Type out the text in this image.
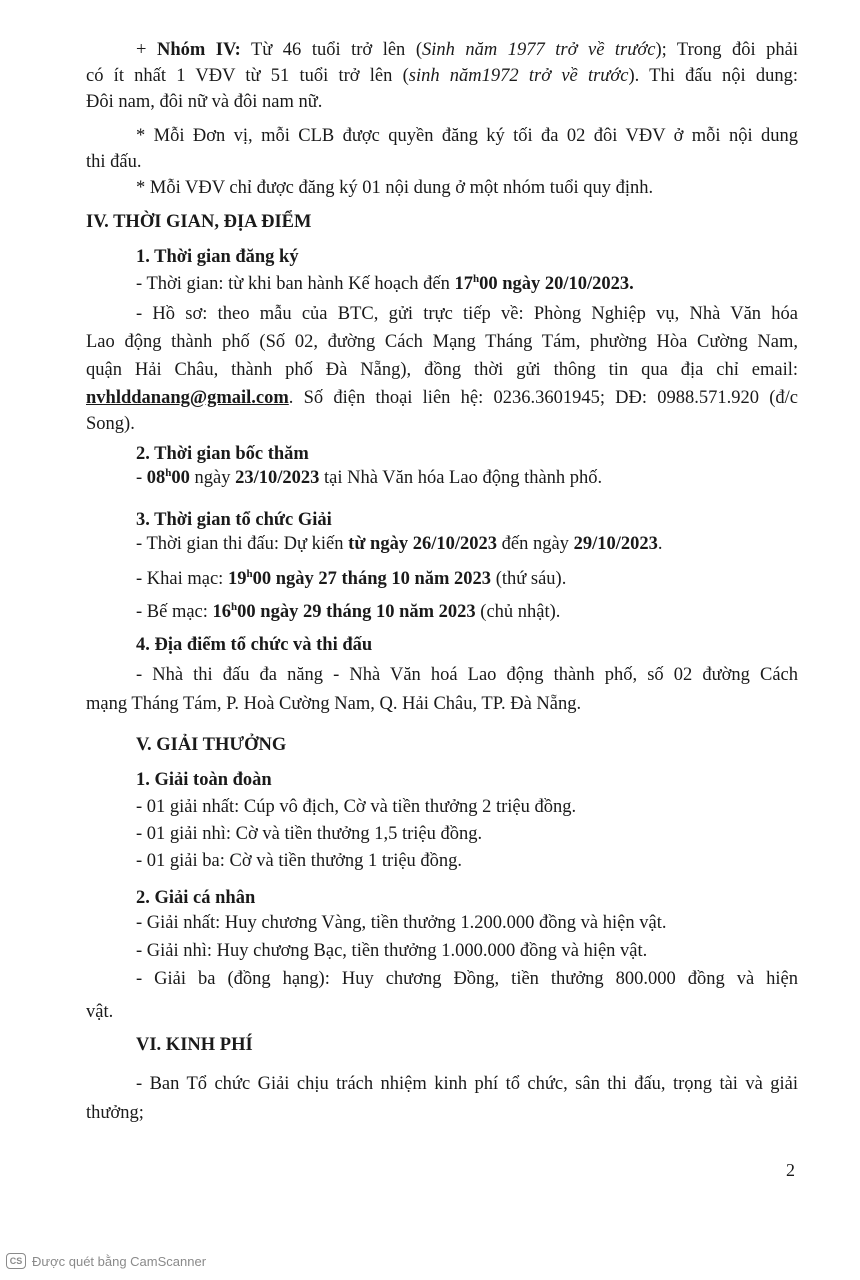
+ Nhóm IV: Từ 46 tuổi trở lên (Sinh năm 1977 trở về trước); Trong đôi phải
có ít nhất 1 VĐV từ 51 tuổi trở lên (sinh năm1972 trở về trước). Thi đấu nội dung:
Đôi nam, đôi nữ và đôi nam nữ.
* Mỗi Đơn vị, mỗi CLB được quyền đăng ký tối đa 02 đôi VĐV ở mỗi nội dung
thi đấu.
* Mỗi VĐV chỉ được đăng ký 01 nội dung ở một nhóm tuổi quy định.
IV. THỜI GIAN, ĐỊA ĐIỂM
1. Thời gian đăng ký
- Thời gian: từ khi ban hành Kế hoạch đến 17$^h$00 ngày 20/10/2023.
- Hồ sơ: theo mẫu của BTC, gửi trực tiếp về: Phòng Nghiệp vụ, Nhà Văn hóa
Lao động thành phố (Số 02, đường Cách Mạng Tháng Tám, phường Hòa Cường Nam,
quận Hải Châu, thành phố Đà Nẵng), đồng thời gửi thông tin qua địa chỉ email:
nvhlddanang@gmail.com. Số điện thoại liên hệ: 0236.3601945; DĐ: 0988.571.920 (đ/c
Song).
2. Thời gian bốc thăm
- 08$^h$00 ngày 23/10/2023 tại Nhà Văn hóa Lao động thành phố.
3. Thời gian tổ chức Giải
- Thời gian thi đấu: Dự kiến từ ngày 26/10/2023 đến ngày 29/10/2023.
- Khai mạc: 19$^h$00 ngày 27 tháng 10 năm 2023 (thứ sáu).
- Bế mạc: 16$^h$00 ngày 29 tháng 10 năm 2023 (chủ nhật).
4. Địa điểm tổ chức và thi đấu
- Nhà thi đấu đa năng - Nhà Văn hoá Lao động thành phố, số 02 đường Cách
mạng Tháng Tám, P. Hoà Cường Nam, Q. Hải Châu, TP. Đà Nẵng.
V. GIẢI THƯỞNG
1. Giải toàn đoàn
- 01 giải nhất: Cúp vô địch, Cờ và tiền thưởng 2 triệu đồng.
- 01 giải nhì: Cờ và tiền thưởng 1,5 triệu đồng.
- 01 giải ba: Cờ và tiền thưởng 1 triệu đồng.
2. Giải cá nhân
- Giải nhất: Huy chương Vàng, tiền thưởng 1.200.000 đồng và hiện vật.
- Giải nhì: Huy chương Bạc, tiền thưởng 1.000.000 đồng và hiện vật.
- Giải ba (đồng hạng): Huy chương Đồng, tiền thưởng 800.000 đồng và hiện
vật.
VI. KINH PHÍ
- Ban Tổ chức Giải chịu trách nhiệm kinh phí tổ chức, sân thi đấu, trọng tài và giải
thưởng;
2
CS Được quét bằng CamScanner
